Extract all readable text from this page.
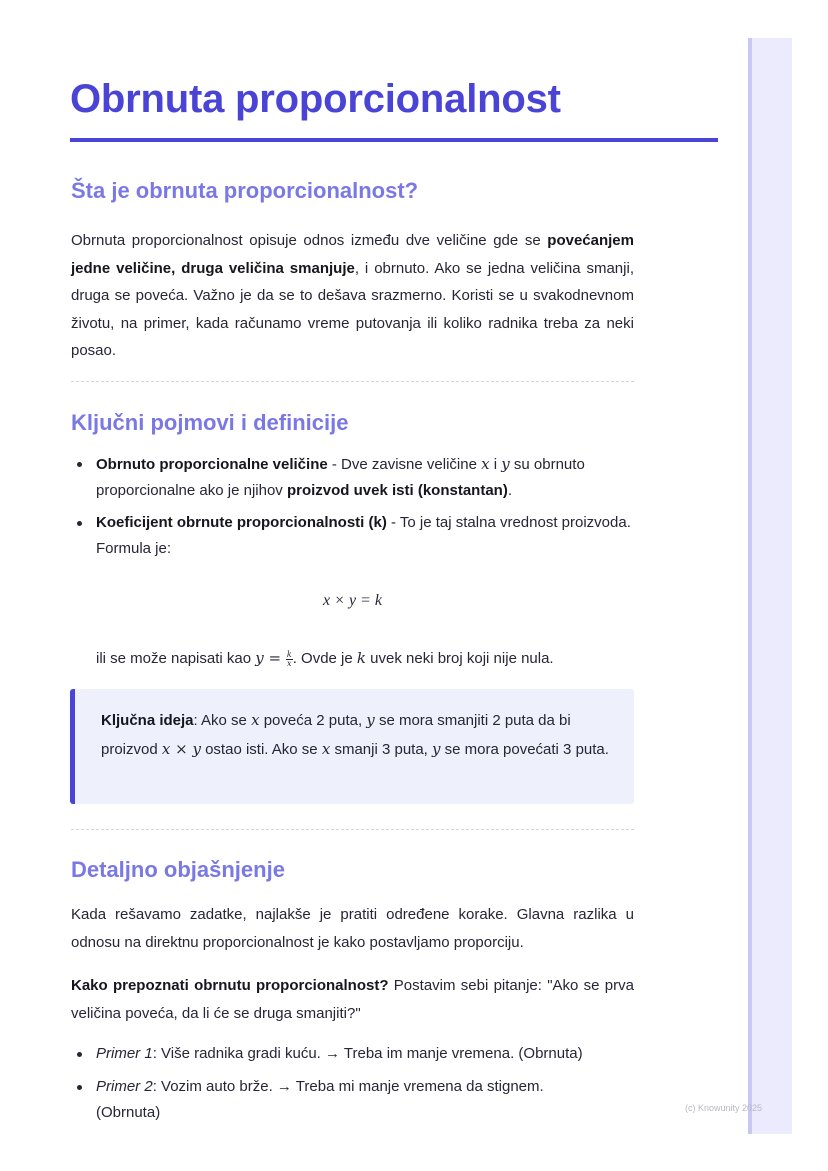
Obrnuta proporcionalnost
Šta je obrnuta proporcionalnost?

Obrnuta proporcionalnost opisuje odnos između dve veličine gde se povećanjem jedne veličine, druga veličina smanjuje, i obrnuto. Ako se jedna veličina smanji, druga se poveća. Važno je da se to dešava srazmerno. Koristi se u svakodnevnom životu, na primer, kada računamo vreme putovanja ili koliko radnika treba za neki posao.

Ključni pojmovi i definicije
Obrnuto proporcionalne veličine - Dve zavisne veličine x i y su obrnuto proporcionalne ako je njihov proizvod uvek isti (konstantan).
Koeficijent obrnute proporcionalnosti (k) - To je taj stalna vrednost proizvoda. Formula je:
x × y = k

ili se može napisati kao $y = \frac{k}{x}$ . Ovde je k uvek neki broj koji nije nula.

Ključna ideja: Ako se x poveća 2 puta, y se mora smanjiti 2 puta da bi proizvod x × y ostao isti. Ako se x smanji 3 puta, y se mora povećati 3 puta.

Detaljno objašnjenje

Kada rešavamo zadatke, najlakše je pratiti određene korake. Glavna razlika u odnosu na direktnu proporcionalnost je kako postavljamo proporciju.

Kako prepoznati obrnutu proporcionalnost? Postavim sebi pitanje: "Ako se prva veličina poveća, da li će se druga smanjiti?"

Primer 1: Više radnika gradi kuću. → Treba im manje vremena. (Obrnuta)
Primer 2: Vozim auto brže. → Treba mi manje vremena da stignem. (Obrnuta)	(c) Knowunity 2025
